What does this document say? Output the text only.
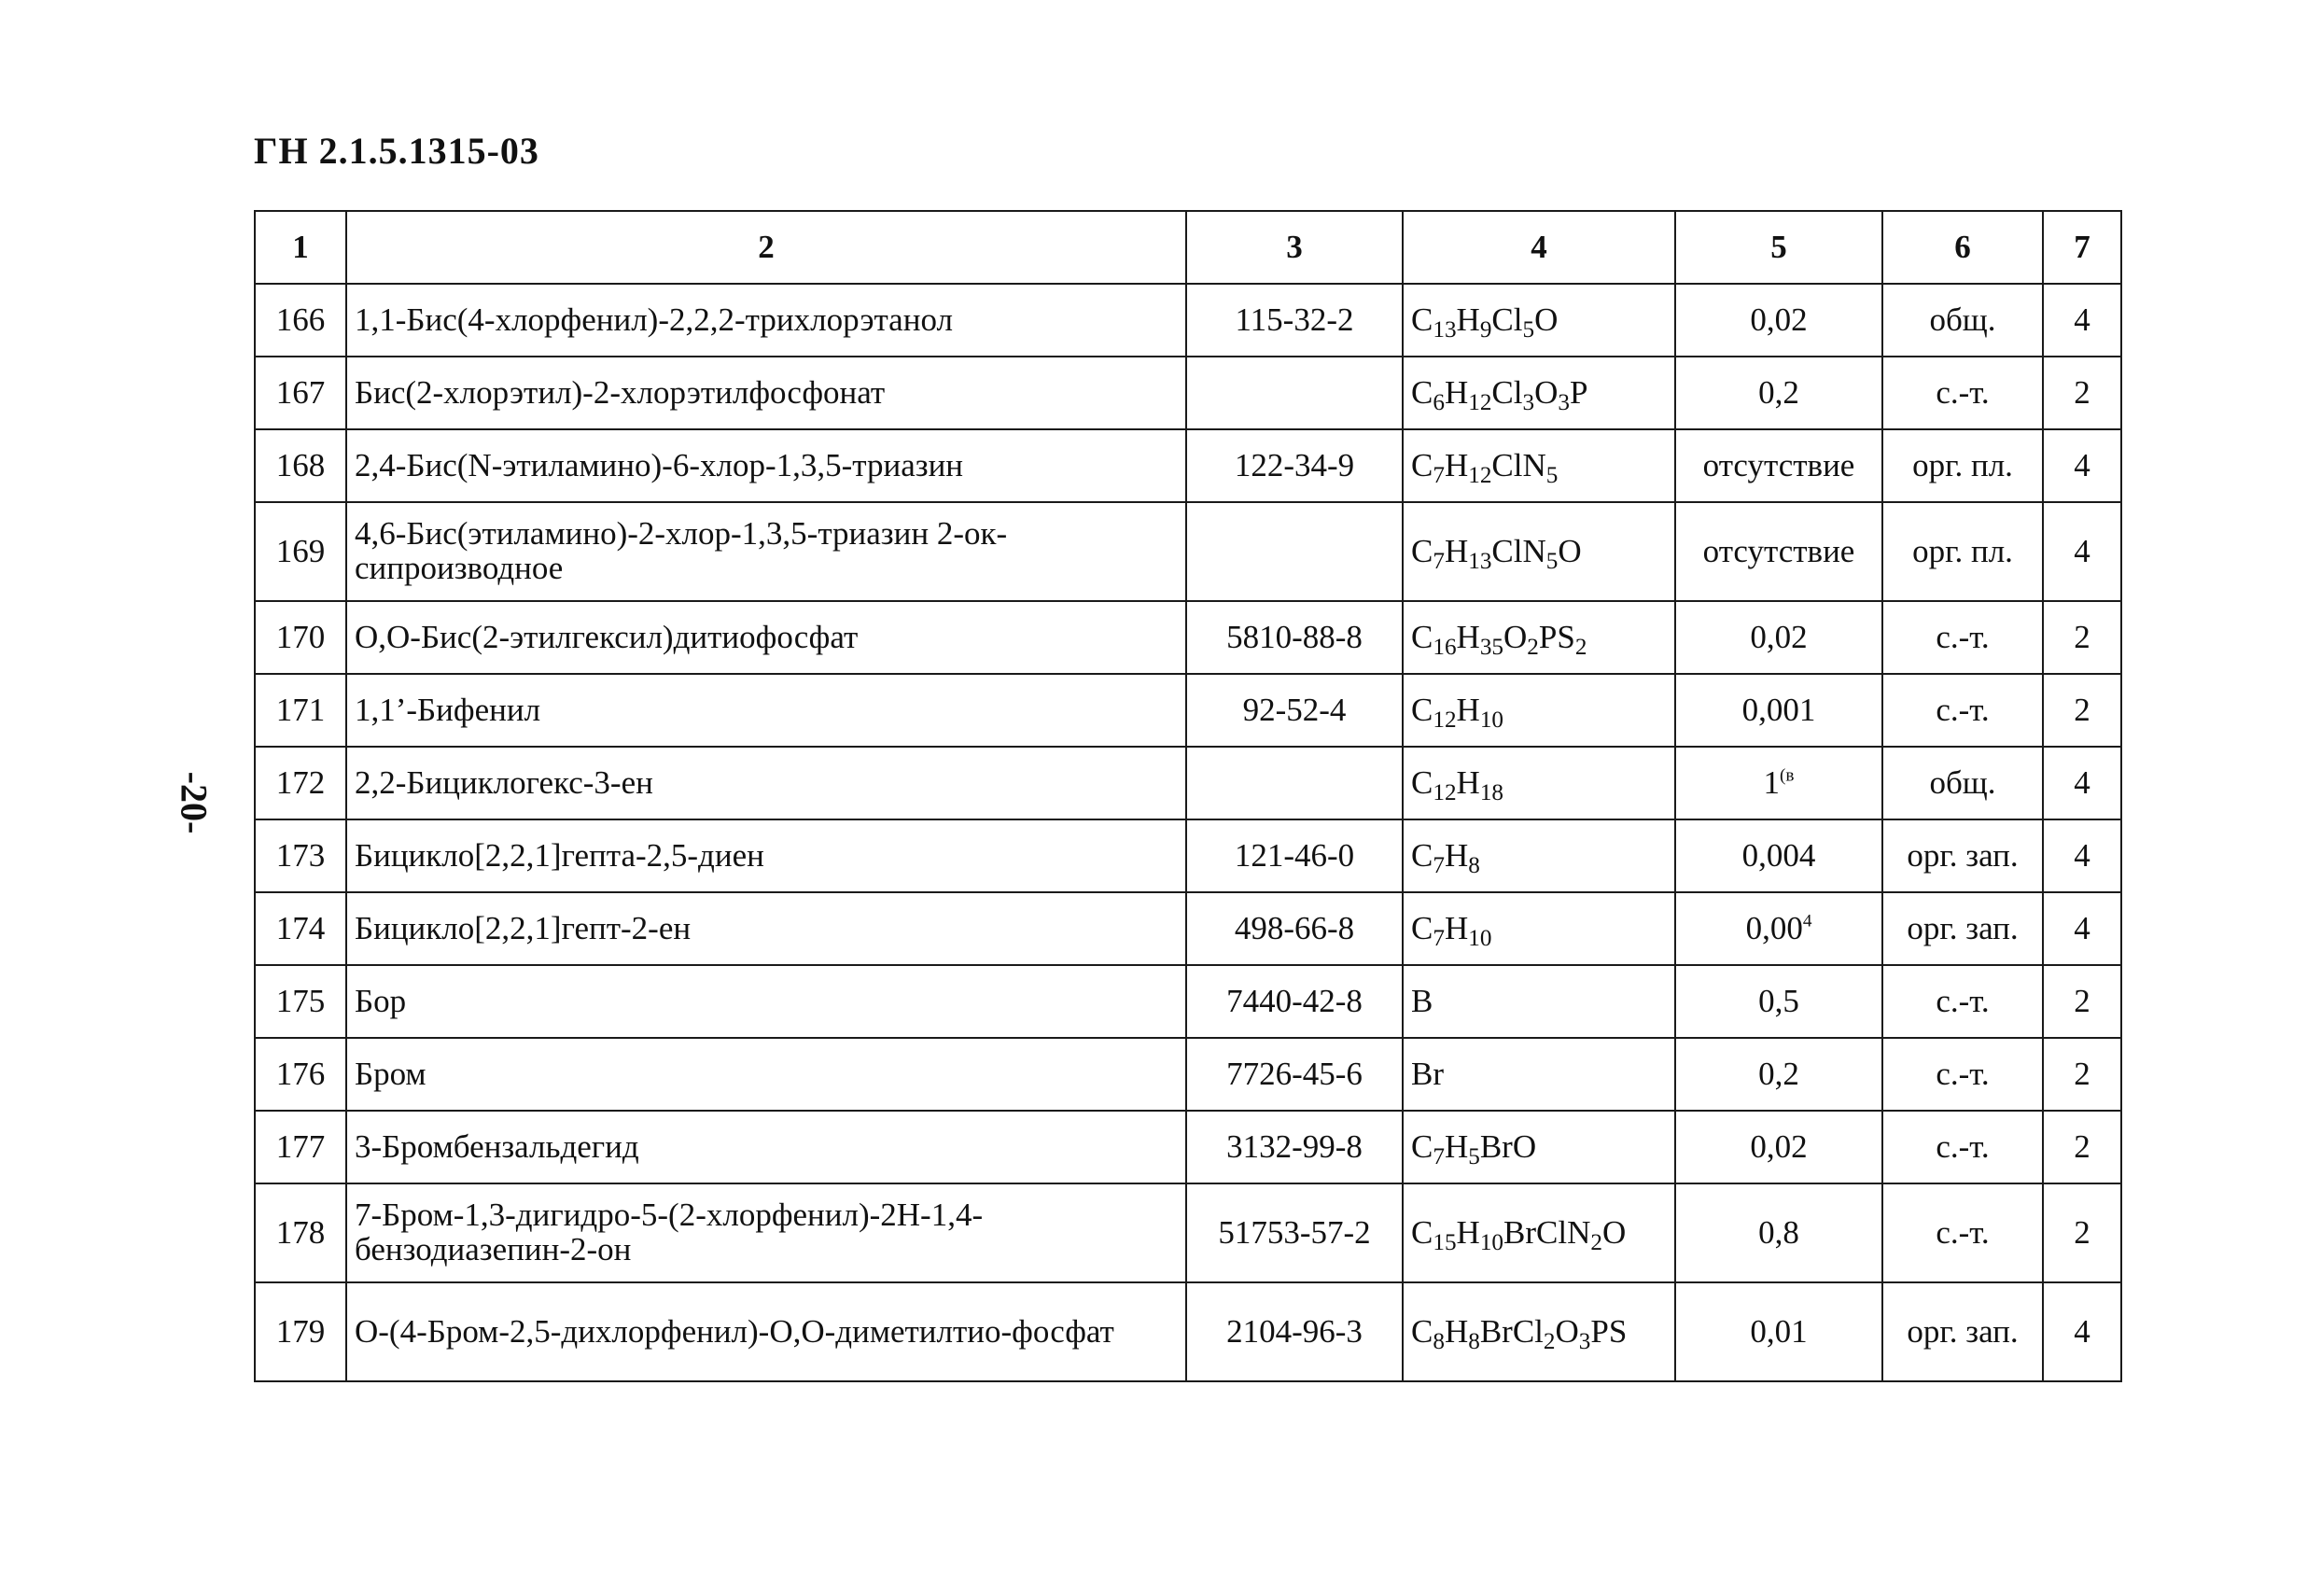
ГН 2.1.5.1315-03
-20-
1	2	3	4	5	6	7
166	1,1-Бис(4-хлорфенил)-2,2,2-трихлорэтанол	115-32-2	$C_{13}H_9Cl_5O$	0,02	общ.	4
167	Бис(2-хлорэтил)-2-хлорэтилфосфонат		$C_6H_{12}Cl_3O_3P$	0,2	с.-т.	2
168	2,4-Бис(N-этиламино)-6-хлор-1,3,5-триазин	122-34-9	$C_7H_{12}ClN_5$	отсутствие	орг. пл.	4
169	4,6-Бис(этиламино)-2-хлор-1,3,5-триазин 2-ок-сипроизводное		$C_7H_{13}ClN_5O$	отсутствие	орг. пл.	4
170	O,O-Бис(2-этилгексил)дитиофосфат	5810-88-8	$C_{16}H_{35}O_2PS_2$	0,02	с.-т.	2
171	1,1’-Бифенил	92-52-4	$C_{12}H_{10}$	0,001	с.-т.	2
172	2,2-Бициклогекс-3-ен		$C_{12}H_{18}$	$1^{(в}$	общ.	4
173	Бицикло[2,2,1]гепта-2,5-диен	121-46-0	$C_7H_8$	0,004	орг. зап.	4
174	Бицикло[2,2,1]гепт-2-ен	498-66-8	$C_7H_{10}$	0,00$^4$	орг. зап.	4
175	Бор	7440-42-8	B	0,5	с.-т.	2
176	Бром	7726-45-6	Br	0,2	с.-т.	2
177	3-Бромбензальдегид	3132-99-8	$C_7H_5BrO$	0,02	с.-т.	2
178	7-Бром-1,3-дигидро-5-(2-хлорфенил)-2H-1,4-бензодиазепин-2-он	51753-57-2	$C_{15}H_{10}BrClN_2O$	0,8	с.-т.	2
179	O-(4-Бром-2,5-дихлорфенил)-O,O-диметилтио-фосфат	2104-96-3	$C_8H_8BrCl_2O_3PS$	0,01	орг. зап.	4
